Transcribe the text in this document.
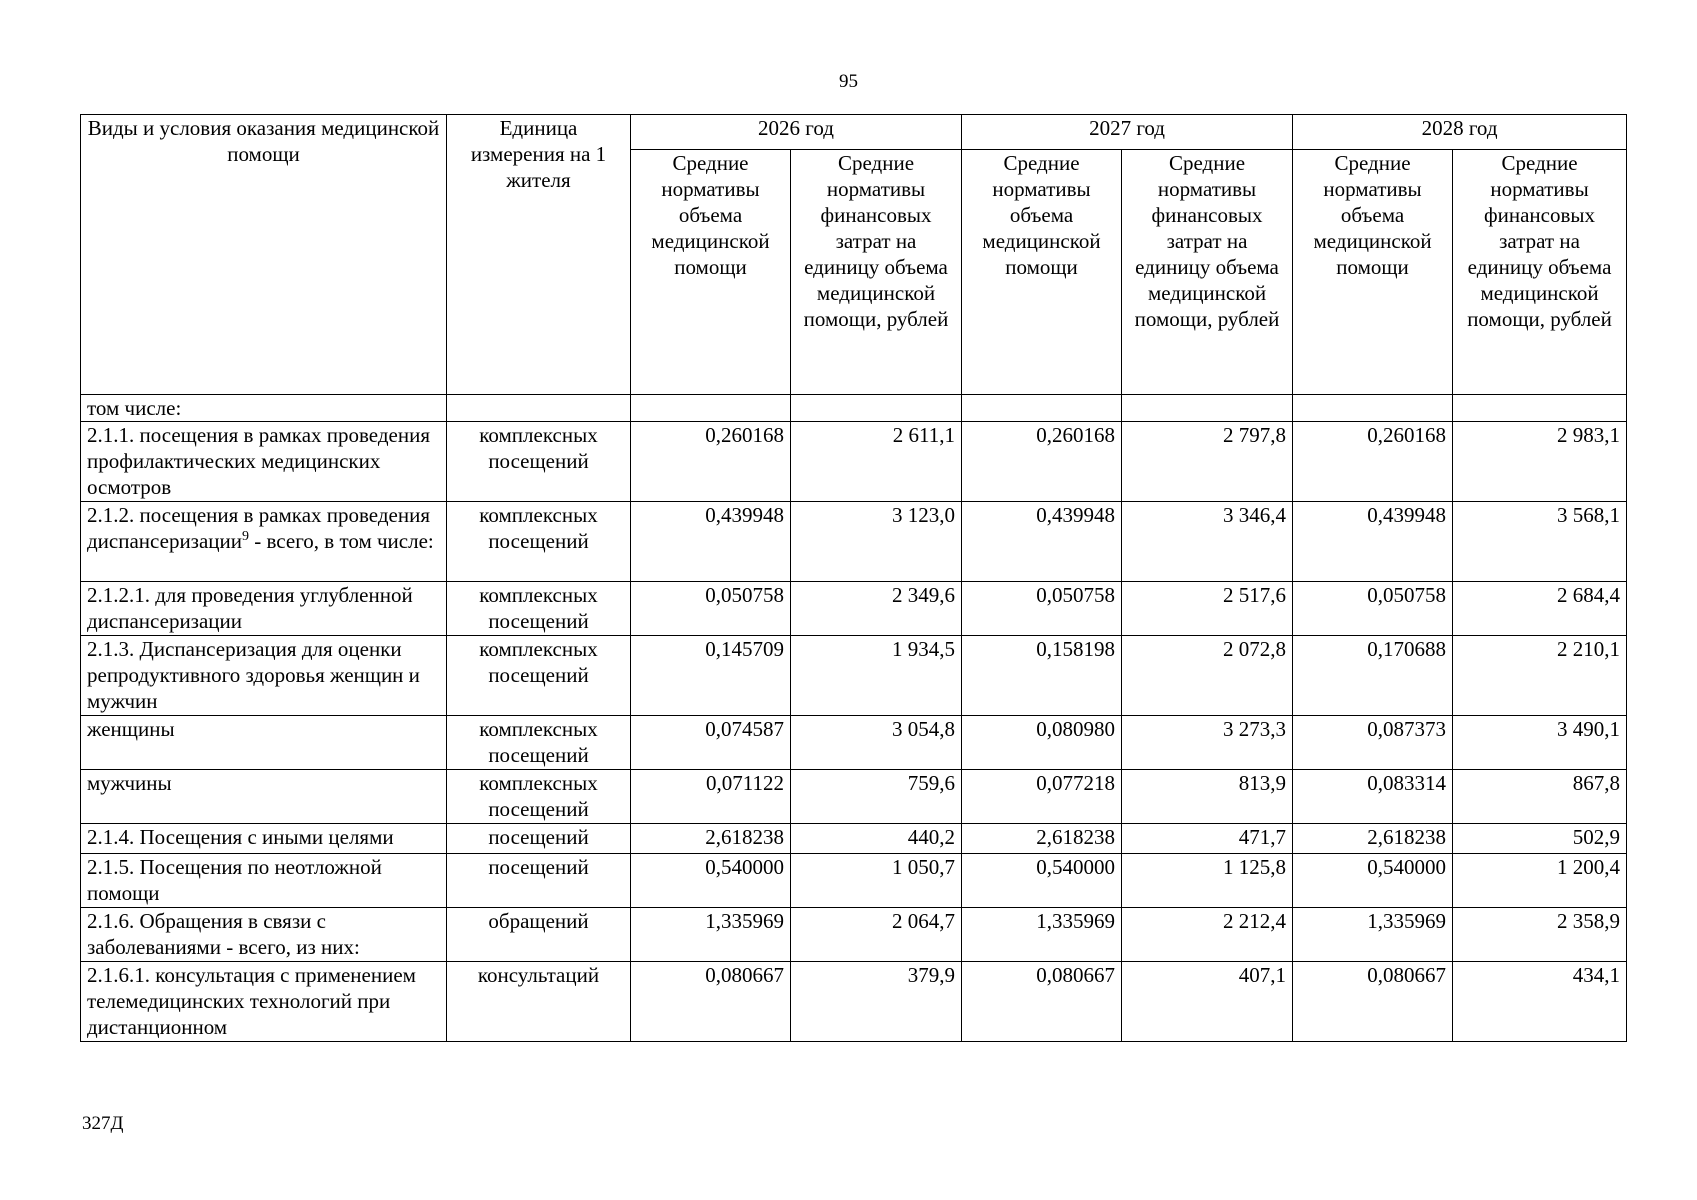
95
Виды и условия оказания медицинской помощи	Единица измерения на 1 жителя	2026 год		2027 год		2028 год	
		Средние нормативы объема медицинской помощи	Средние нормативы финансовых затрат на единицу объема медицинской помощи, рублей	Средние нормативы объема медицинской помощи	Средние нормативы финансовых затрат на единицу объема медицинской помощи, рублей	Средние нормативы объема медицинской помощи	Средние нормативы финансовых затрат на единицу объема медицинской помощи, рублей
том числе:							
2.1.1. посещения в рамках проведения профилактических медицинских осмотров	комплексных посещений	0,260168	2 611,1	0,260168	2 797,8	0,260168	2 983,1
2.1.2. посещения в рамках проведения диспансеризации$^9$ - всего, в том числе:	комплексных посещений	0,439948	3 123,0	0,439948	3 346,4	0,439948	3 568,1
2.1.2.1. для проведения углубленной диспансеризации	комплексных посещений	0,050758	2 349,6	0,050758	2 517,6	0,050758	2 684,4
2.1.3. Диспансеризация для оценки репродуктивного здоровья женщин и мужчин	комплексных посещений	0,145709	1 934,5	0,158198	2 072,8	0,170688	2 210,1
женщины	комплексных посещений	0,074587	3 054,8	0,080980	3 273,3	0,087373	3 490,1
мужчины	комплексных посещений	0,071122	759,6	0,077218	813,9	0,083314	867,8
2.1.4. Посещения с иными целями	посещений	2,618238	440,2	2,618238	471,7	2,618238	502,9
2.1.5. Посещения по неотложной помощи	посещений	0,540000	1 050,7	0,540000	1 125,8	0,540000	1 200,4
2.1.6. Обращения в связи с заболеваниями - всего, из них:	обращений	1,335969	2 064,7	1,335969	2 212,4	1,335969	2 358,9
2.1.6.1. консультация с применением телемедицинских технологий при дистанционном	консультаций	0,080667	379,9	0,080667	407,1	0,080667	434,1
327Д
